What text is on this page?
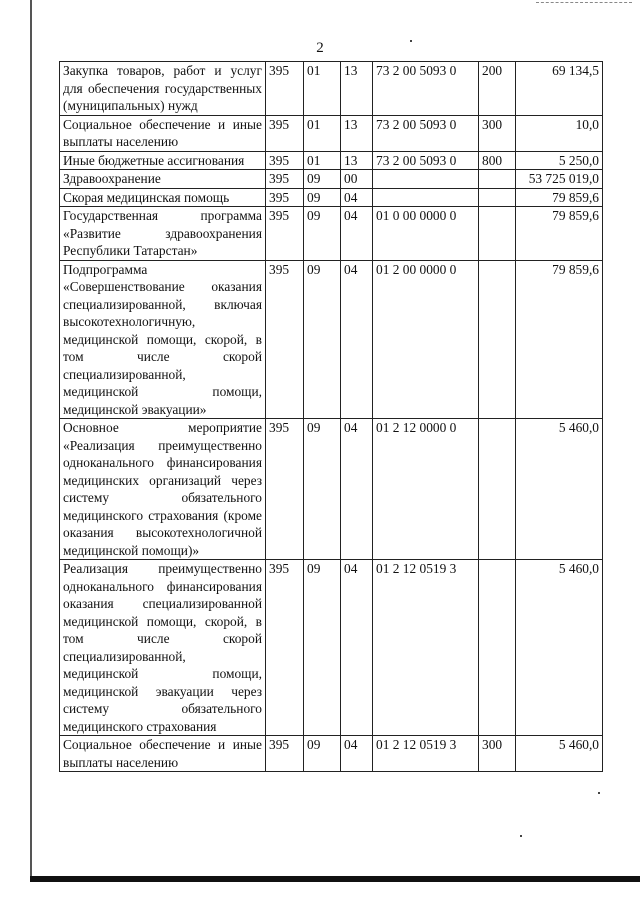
2
Закупка товаров, работ и услуг для обеспечения государственных (муниципальных) нужд	395	01	13	73 2 00 5093 0	200	69 134,5
Социальное обеспечение и иные выплаты населению	395	01	13	73 2 00 5093 0	300	10,0
Иные бюджетные ассигнования	395	01	13	73 2 00 5093 0	800	5 250,0
Здравоохранение	395	09	00			53 725 019,0
Скорая медицинская помощь	395	09	04			79 859,6
Государственная программа «Развитие здравоохранения Республики Татарстан»	395	09	04	01 0 00 0000 0		79 859,6
Подпрограмма «Совершенствование оказания специализированной, включая высокотехнологичную, медицинской помощи, скорой, в том числе скорой специализированной, медицинской помощи, медицинской эвакуации»	395	09	04	01 2 00 0000 0		79 859,6
Основное мероприятие «Реализация преимущественно одноканального финансирования медицинских организаций через систему обязательного медицинского страхования (кроме оказания высокотехнологичной медицинской помощи)»	395	09	04	01 2 12 0000 0		5 460,0
Реализация преимущественно одноканального финансирования оказания специализированной медицинской помощи, скорой, в том числе скорой специализированной, медицинской помощи, медицинской эвакуации через систему обязательного медицинского страхования	395	09	04	01 2 12 0519 3		5 460,0
Социальное обеспечение и иные выплаты населению	395	09	04	01 2 12 0519 3	300	5 460,0
